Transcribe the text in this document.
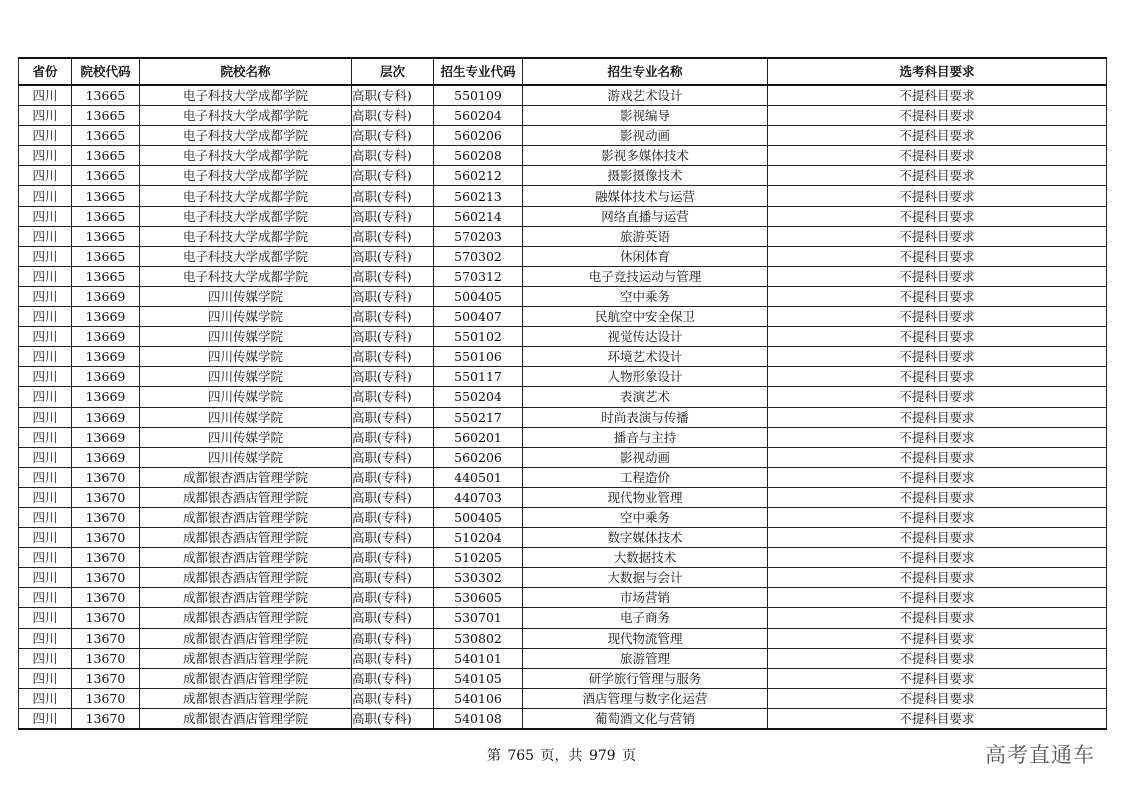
省份	院校代码	院校名称	层次	招生专业代码	招生专业名称	选考科目要求
四川	13665	电子科技大学成都学院	高职(专科)	550109	游戏艺术设计	不提科目要求
四川	13665	电子科技大学成都学院	高职(专科)	560204	影视编导	不提科目要求
四川	13665	电子科技大学成都学院	高职(专科)	560206	影视动画	不提科目要求
四川	13665	电子科技大学成都学院	高职(专科)	560208	影视多媒体技术	不提科目要求
四川	13665	电子科技大学成都学院	高职(专科)	560212	摄影摄像技术	不提科目要求
四川	13665	电子科技大学成都学院	高职(专科)	560213	融媒体技术与运营	不提科目要求
四川	13665	电子科技大学成都学院	高职(专科)	560214	网络直播与运营	不提科目要求
四川	13665	电子科技大学成都学院	高职(专科)	570203	旅游英语	不提科目要求
四川	13665	电子科技大学成都学院	高职(专科)	570302	休闲体育	不提科目要求
四川	13665	电子科技大学成都学院	高职(专科)	570312	电子竞技运动与管理	不提科目要求
四川	13669	四川传媒学院	高职(专科)	500405	空中乘务	不提科目要求
四川	13669	四川传媒学院	高职(专科)	500407	民航空中安全保卫	不提科目要求
四川	13669	四川传媒学院	高职(专科)	550102	视觉传达设计	不提科目要求
四川	13669	四川传媒学院	高职(专科)	550106	环境艺术设计	不提科目要求
四川	13669	四川传媒学院	高职(专科)	550117	人物形象设计	不提科目要求
四川	13669	四川传媒学院	高职(专科)	550204	表演艺术	不提科目要求
四川	13669	四川传媒学院	高职(专科)	550217	时尚表演与传播	不提科目要求
四川	13669	四川传媒学院	高职(专科)	560201	播音与主持	不提科目要求
四川	13669	四川传媒学院	高职(专科)	560206	影视动画	不提科目要求
四川	13670	成都银杏酒店管理学院	高职(专科)	440501	工程造价	不提科目要求
四川	13670	成都银杏酒店管理学院	高职(专科)	440703	现代物业管理	不提科目要求
四川	13670	成都银杏酒店管理学院	高职(专科)	500405	空中乘务	不提科目要求
四川	13670	成都银杏酒店管理学院	高职(专科)	510204	数字媒体技术	不提科目要求
四川	13670	成都银杏酒店管理学院	高职(专科)	510205	大数据技术	不提科目要求
四川	13670	成都银杏酒店管理学院	高职(专科)	530302	大数据与会计	不提科目要求
四川	13670	成都银杏酒店管理学院	高职(专科)	530605	市场营销	不提科目要求
四川	13670	成都银杏酒店管理学院	高职(专科)	530701	电子商务	不提科目要求
四川	13670	成都银杏酒店管理学院	高职(专科)	530802	现代物流管理	不提科目要求
四川	13670	成都银杏酒店管理学院	高职(专科)	540101	旅游管理	不提科目要求
四川	13670	成都银杏酒店管理学院	高职(专科)	540105	研学旅行管理与服务	不提科目要求
四川	13670	成都银杏酒店管理学院	高职(专科)	540106	酒店管理与数字化运营	不提科目要求
四川	13670	成都银杏酒店管理学院	高职(专科)	540108	葡萄酒文化与营销	不提科目要求
第 765 页，共 979 页	高考直通车
